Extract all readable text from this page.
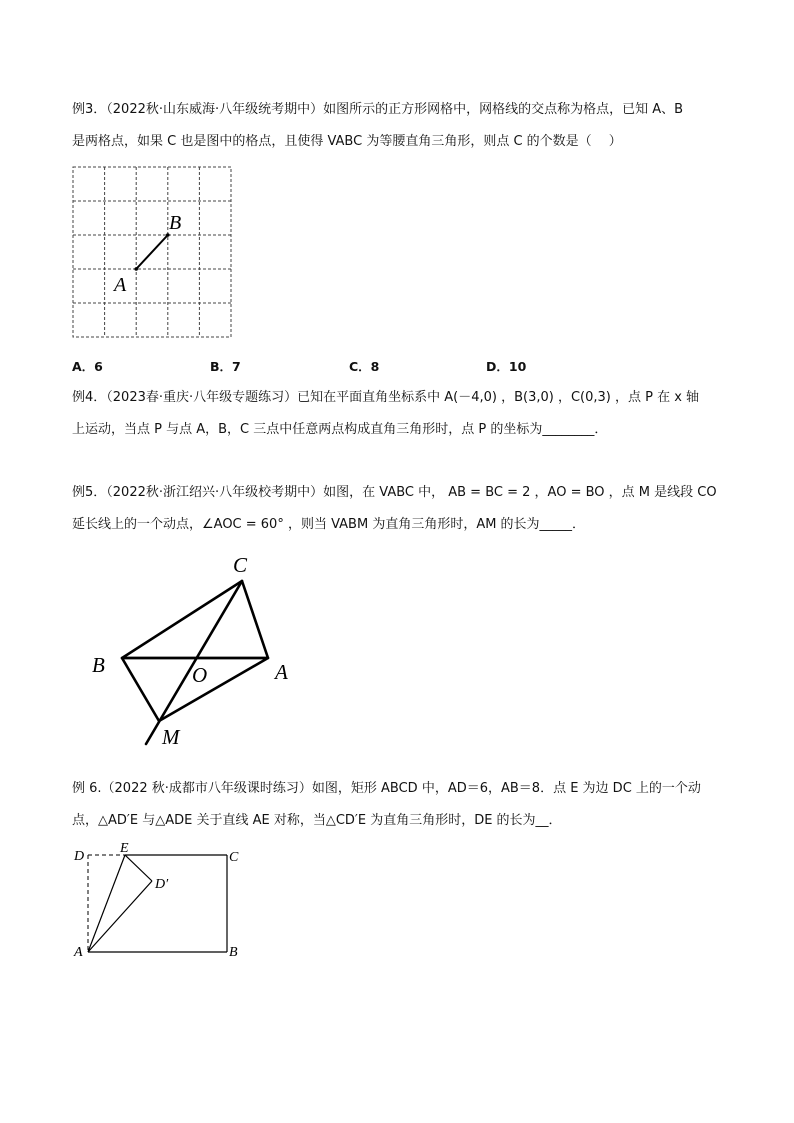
例3．（2022秋·山东威海·八年级统考期中）如图所示的正方形网格中，网格线的交点称为格点，已知 A、B
是两格点，如果 C 也是图中的格点，且使得 VABC 为等腰直角三角形，则点 C 的个数是（　 ）
A
B
A．6	B．7	C．8	D．10
例4．（2023春·重庆·八年级专题练习）已知在平面直角坐标系中 A(－4,0) ，B(3,0) ，C(0,3) ，点 P 在 x 轴
上运动，当点 P 与点 A，B，C 三点中任意两点构成直角三角形时，点 P 的坐标为________．
例5．（2022秋·浙江绍兴·八年级校考期中）如图，在 VABC 中， AB = BC = 2 ，AO = BO ，点 M 是线段 CO
延长线上的一个动点，∠AOC = 60° ，则当 VABM 为直角三角形时，AM 的长为_____．
C
B	O	A
M
例 6.（2022 秋·成都市八年级课时练习）如图，矩形 ABCD 中，AD＝6，AB＝8．点 E 为边 DC 上的一个动
点，△AD′E 与△ADE 关于直线 AE 对称，当△CD′E 为直角三角形时，DE 的长为__．
D
E
C
D′
A	B
